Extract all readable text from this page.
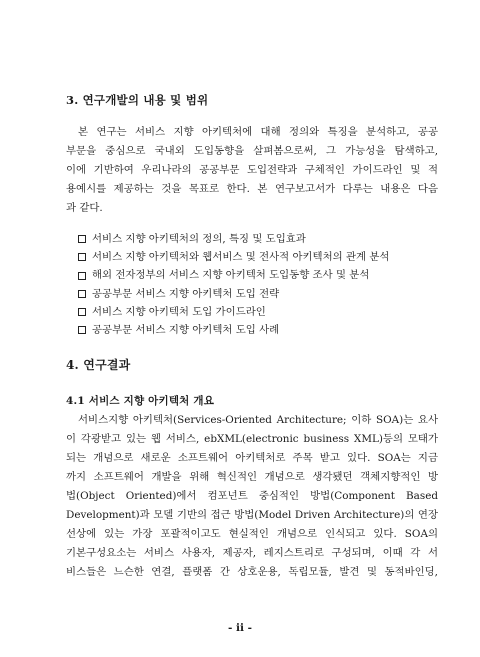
3. 연구개발의 내용 및 범위

본 연구는 서비스 지향 아키텍처에 대해 정의와 특징을 분석하고, 공공
부문을 중심으로 국내외 도입동향을 살펴봄으로써, 그 가능성을 탐색하고,
이에 기반하여 우리나라의 공공부문 도입전략과 구체적인 가이드라인 및 적
용예시를 제공하는 것을 목표로 한다. 본 연구보고서가 다루는 내용은 다음
과 같다.

서비스 지향 아키텍처의 정의, 특징 및 도입효과
서비스 지향 아키텍처와 웹서비스 및 전사적 아키텍처의 관계 분석
해외 전자정부의 서비스 지향 아키텍처 도입동향 조사 및 분석
공공부문 서비스 지향 아키텍처 도입 전략
서비스 지향 아키텍처 도입 가이드라인
공공부문 서비스 지향 아키텍처 도입 사례
4. 연구결과
4.1 서비스 지향 아키텍처 개요

서비스지향 아키텍처(Services-Oriented Architecture; 이하 SOA)는 요사
이 각광받고 있는 웹 서비스, ebXML(electronic business XML)등의 모태가
되는 개념으로 새로운 소프트웨어 아키텍처로 주목 받고 있다. SOA는 지금
까지 소프트웨어 개발을 위해 혁신적인 개념으로 생각됐던 객체지향적인 방
법(Object Oriented)에서 컴포넌트 중심적인 방법(Component Based
Development)과 모델 기반의 접근 방법(Model Driven Architecture)의 연장
선상에 있는 가장 포괄적이고도 현실적인 개념으로 인식되고 있다. SOA의
기본구성요소는 서비스 사용자, 제공자, 레지스트리로 구성되며, 이때 각 서
비스들은 느슨한 연결, 플랫폼 간 상호운용, 독립모듈, 발견 및 동적바인딩,

- ii -
